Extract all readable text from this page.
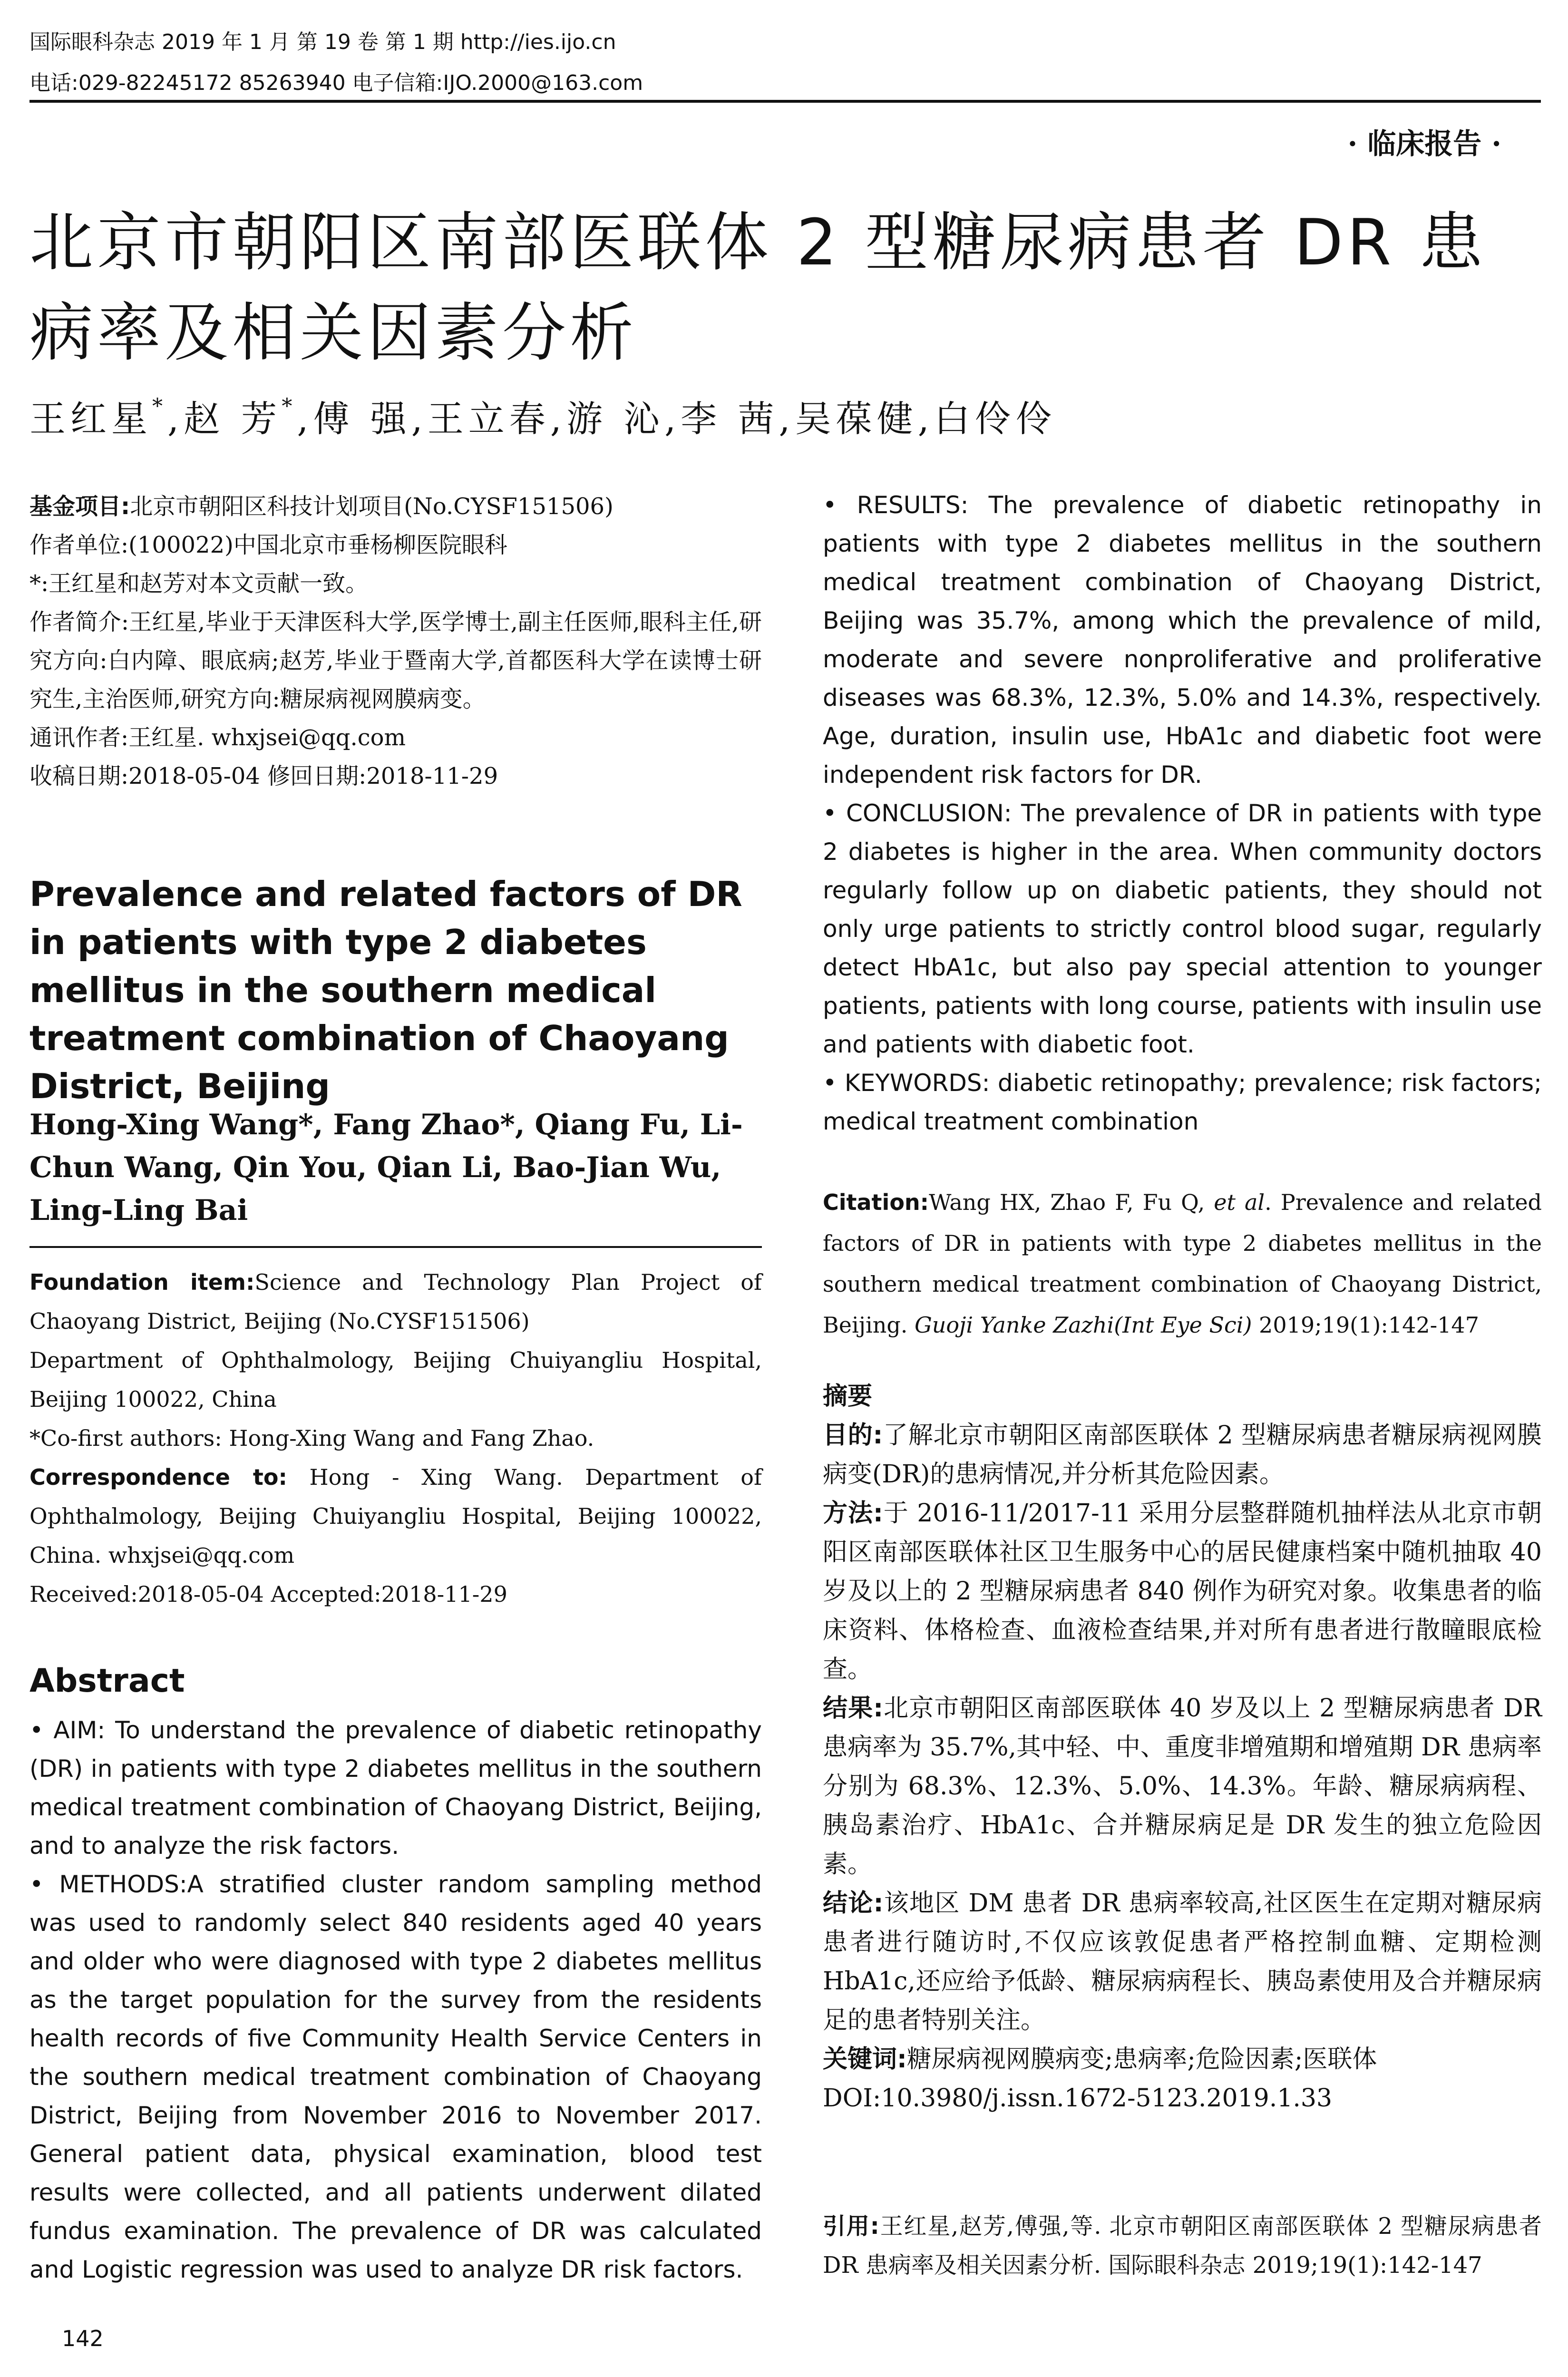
国际眼科杂志 2019 年 1 月 第 19 卷 第 1 期 http://ies.ijo.cn
电话:029-82245172 85263940 电子信箱:IJO.2000@163.com
· 临床报告 ·
北京市朝阳区南部医联体 2 型糖尿病患者 DR 患病率及相关因素分析
王红星*,赵 芳*,傅 强,王立春,游 沁,李 茜,吴葆健,白伶伶
基金项目:北京市朝阳区科技计划项目(No.CYSF151506)
作者单位:(100022)中国北京市垂杨柳医院眼科
*:王红星和赵芳对本文贡献一致。
作者简介:王红星,毕业于天津医科大学,医学博士,副主任医师,眼科主任,研究方向:白内障、眼底病;赵芳,毕业于暨南大学,首都医科大学在读博士研究生,主治医师,研究方向:糖尿病视网膜病变。
通讯作者:王红星. whxjsei@qq.com
收稿日期:2018-05-04 修回日期:2018-11-29
Prevalence and related factors of DR in patients with type 2 diabetes mellitus in the southern medical treatment combination of Chaoyang District, Beijing
Hong-Xing Wang*, Fang Zhao*, Qiang Fu, Li-Chun Wang, Qin You, Qian Li, Bao-Jian Wu, Ling-Ling Bai
Foundation item:Science and Technology Plan Project of Chaoyang District, Beijing (No.CYSF151506)
Department of Ophthalmology, Beijing Chuiyangliu Hospital, Beijing 100022, China
*Co-first authors: Hong-Xing Wang and Fang Zhao.
Correspondence to: Hong - Xing Wang. Department of Ophthalmology, Beijing Chuiyangliu Hospital, Beijing 100022, China. whxjsei@qq.com
Received:2018-05-04 Accepted:2018-11-29
Abstract
• AIM: To understand the prevalence of diabetic retinopathy (DR) in patients with type 2 diabetes mellitus in the southern medical treatment combination of Chaoyang District, Beijing, and to analyze the risk factors.
• METHODS:A stratified cluster random sampling method was used to randomly select 840 residents aged 40 years and older who were diagnosed with type 2 diabetes mellitus as the target population for the survey from the residents health records of five Community Health Service Centers in the southern medical treatment combination of Chaoyang District, Beijing from November 2016 to November 2017. General patient data, physical examination, blood test results were collected, and all patients underwent dilated fundus examination. The prevalence of DR was calculated and Logistic regression was used to analyze DR risk factors.
• RESULTS: The prevalence of diabetic retinopathy in patients with type 2 diabetes mellitus in the southern medical treatment combination of Chaoyang District, Beijing was 35.7%, among which the prevalence of mild, moderate and severe nonproliferative and proliferative diseases was 68.3%, 12.3%, 5.0% and 14.3%, respectively. Age, duration, insulin use, HbA1c and diabetic foot were independent risk factors for DR.
• CONCLUSION: The prevalence of DR in patients with type 2 diabetes is higher in the area. When community doctors regularly follow up on diabetic patients, they should not only urge patients to strictly control blood sugar, regularly detect HbA1c, but also pay special attention to younger patients, patients with long course, patients with insulin use and patients with diabetic foot.
• KEYWORDS: diabetic retinopathy; prevalence; risk factors; medical treatment combination
Citation:Wang HX, Zhao F, Fu Q, et al. Prevalence and related factors of DR in patients with type 2 diabetes mellitus in the southern medical treatment combination of Chaoyang District, Beijing. Guoji Yanke Zazhi(Int Eye Sci) 2019;19(1):142-147
摘要
目的:了解北京市朝阳区南部医联体 2 型糖尿病患者糖尿病视网膜病变(DR)的患病情况,并分析其危险因素。
方法:于 2016-11/2017-11 采用分层整群随机抽样法从北京市朝阳区南部医联体社区卫生服务中心的居民健康档案中随机抽取 40 岁及以上的 2 型糖尿病患者 840 例作为研究对象。收集患者的临床资料、体格检查、血液检查结果,并对所有患者进行散瞳眼底检查。
结果:北京市朝阳区南部医联体 40 岁及以上 2 型糖尿病患者 DR 患病率为 35.7%,其中轻、中、重度非增殖期和增殖期 DR 患病率分别为 68.3%、12.3%、5.0%、14.3%。年龄、糖尿病病程、胰岛素治疗、HbA1c、合并糖尿病足是 DR 发生的独立危险因素。
结论:该地区 DM 患者 DR 患病率较高,社区医生在定期对糖尿病患者进行随访时,不仅应该敦促患者严格控制血糖、定期检测 HbA1c,还应给予低龄、糖尿病病程长、胰岛素使用及合并糖尿病足的患者特别关注。
关键词:糖尿病视网膜病变;患病率;危险因素;医联体
DOI:10.3980/j.issn.1672-5123.2019.1.33
引用:王红星,赵芳,傅强,等. 北京市朝阳区南部医联体 2 型糖尿病患者 DR 患病率及相关因素分析. 国际眼科杂志 2019;19(1):142-147
142
